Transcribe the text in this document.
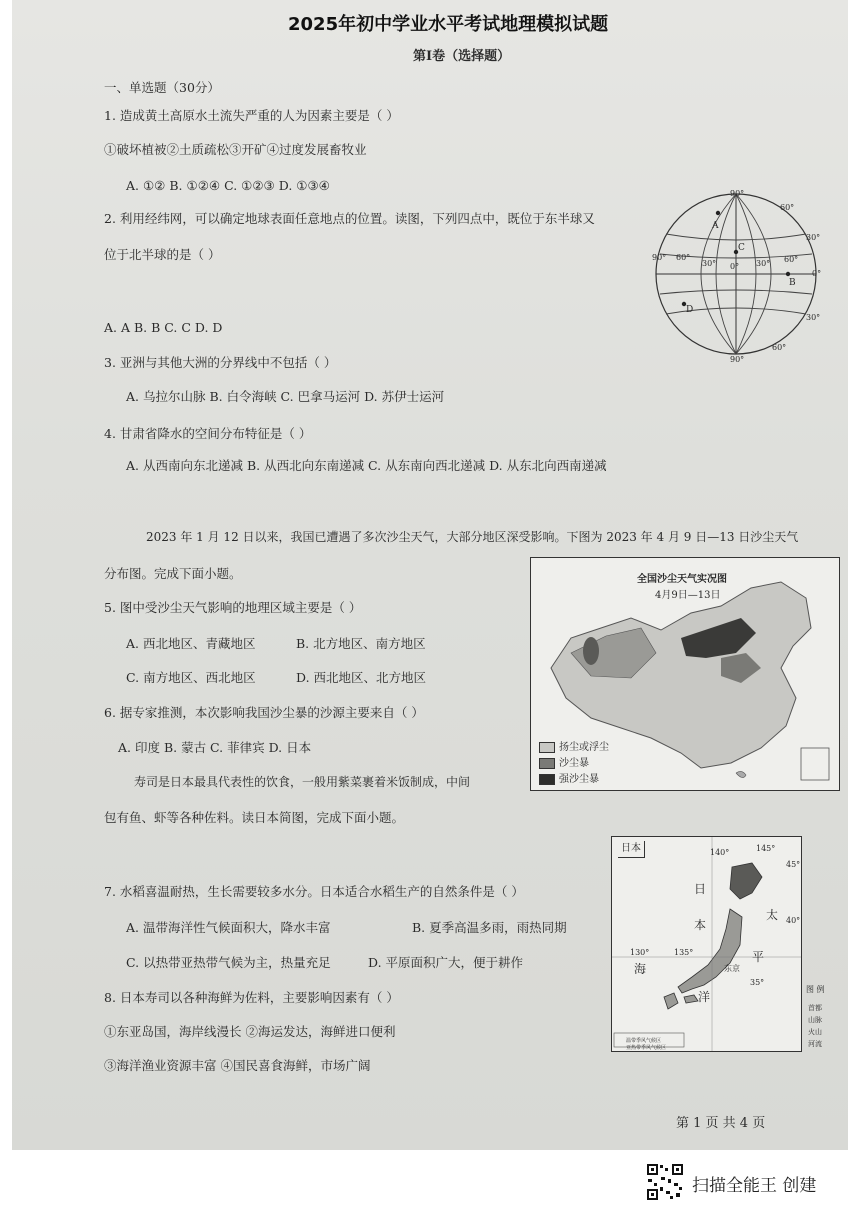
2025年初中学业水平考试地理模拟试题
第Ⅰ卷（选择题）
一、单选题（30分）
1. 造成黄土高原水土流失严重的人为因素主要是（ ）
①破坏植被②土质疏松③开矿④过度发展畜牧业
A. ①② B. ①②④ C. ①②③ D. ①③④
2. 利用经纬网，可以确定地球表面任意地点的位置。读图，下列四点中，既位于东半球又
位于北半球的是（ ）
A. A B. B C. C D. D
90°
60°
30°
0°
30°
60°
90°
90° 60°
30° 0° 30° 60°
A
B
C
D
3. 亚洲与其他大洲的分界线中不包括（ ）
A. 乌拉尔山脉 B. 白令海峡 C. 巴拿马运河 D. 苏伊士运河
4. 甘肃省降水的空间分布特征是（ ）
A. 从西南向东北递减 B. 从西北向东南递减 C. 从东南向西北递减 D. 从东北向西南递减
2023 年 1 月 12 日以来，我国已遭遇了多次沙尘天气，大部分地区深受影响。下图为 2023 年 4 月 9 日—13 日沙尘天气
分布图。完成下面小题。	全国沙尘天气实况图
4月9日—13日
扬尘或浮尘
沙尘暴
强沙尘暴
5. 图中受沙尘天气影响的地理区域主要是（ ）
A. 西北地区、青藏地区	B. 北方地区、南方地区
C. 南方地区、西北地区	D. 西北地区、北方地区
6. 据专家推测，本次影响我国沙尘暴的沙源主要来自（ ）
A. 印度 B. 蒙古 C. 菲律宾 D. 日本
寿司是日本最具代表性的饮食，一般用紫菜裹着米饭制成，中间
包有鱼、虾等各种佐料。读日本简图，完成下面小题。
日本	140°	145°
45°
40°
130°	135°
35°
日
本
太
平
海
洋
东京
图 例
首都
山脉
火山
河流
温带季风气候区
亚热带季风气候区
7. 水稻喜温耐热，生长需要较多水分。日本适合水稻生产的自然条件是（ ）
A. 温带海洋性气候面积大，降水丰富	B. 夏季高温多雨，雨热同期
C. 以热带亚热带气候为主，热量充足	D. 平原面积广大，便于耕作
8. 日本寿司以各种海鲜为佐料，主要影响因素有（ ）
①东亚岛国，海岸线漫长 ②海运发达，海鲜进口便利
③海洋渔业资源丰富 ④国民喜食海鲜，市场广阔
第 1 页 共 4 页
扫描全能王 创建
